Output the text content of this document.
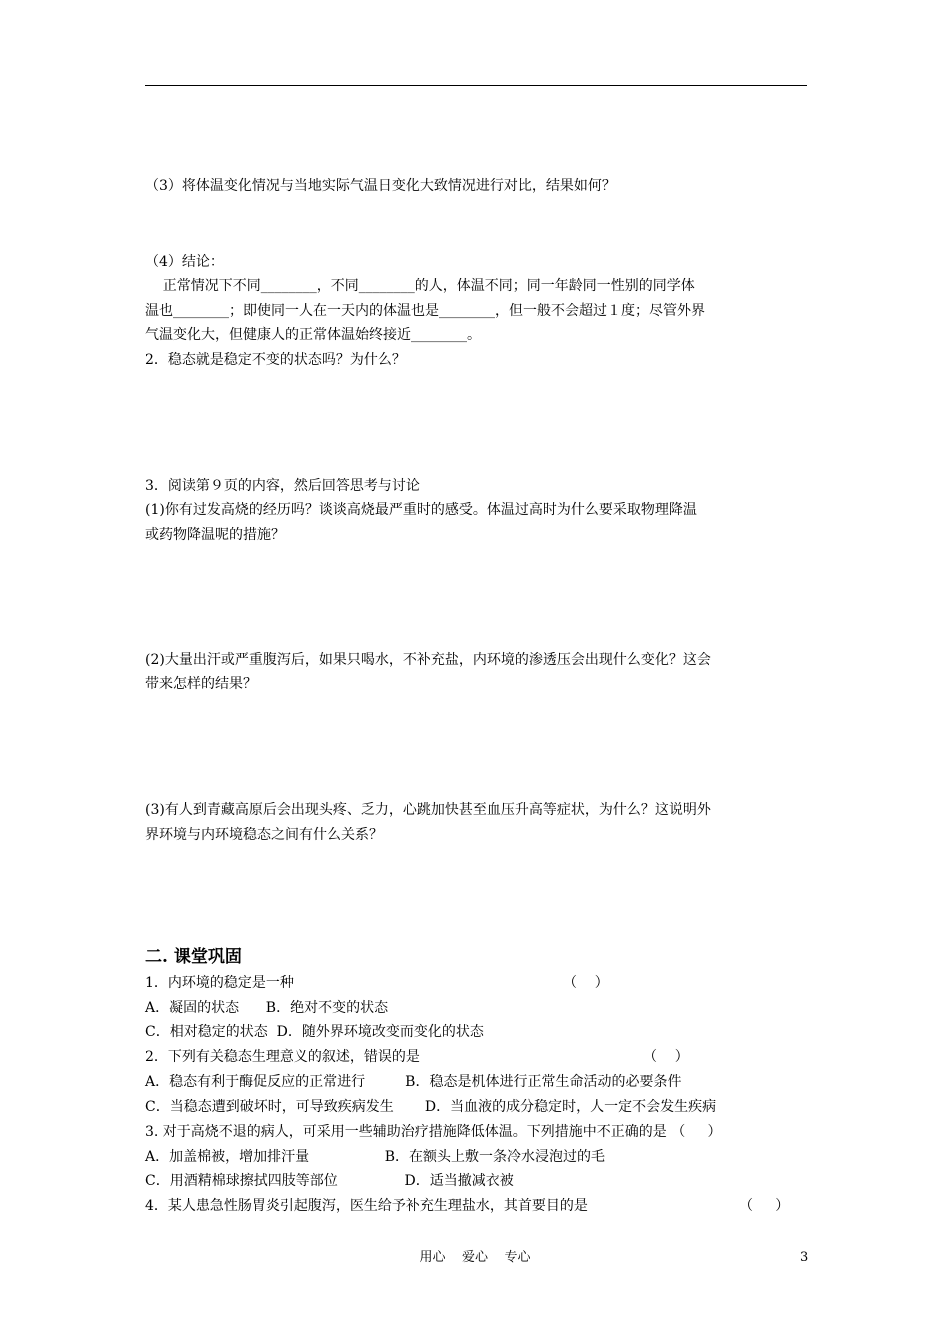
（3）将体温变化情况与当地实际气温日变化大致情况进行对比，结果如何？
（4）结论：
正常情况下不同________，不同________的人，体温不同；同一年龄同一性别的同学体
温也________；即使同一人在一天内的体温也是________，但一般不会超过１度；尽管外界
气温变化大，但健康人的正常体温始终接近________。
2．稳态就是稳定不变的状态吗？为什么？
3．阅读第９页的内容，然后回答思考与讨论
(1)你有过发高烧的经历吗？谈谈高烧最严重时的感受。体温过高时为什么要采取物理降温
或药物降温呢的措施？
(2)大量出汗或严重腹泻后，如果只喝水，不补充盐，内环境的渗透压会出现什么变化？这会
带来怎样的结果？
(3)有人到青藏高原后会出现头疼、乏力，心跳加快甚至血压升高等症状，为什么？这说明外
界环境与内环境稳态之间有什么关系？
二. 课堂巩固
1．内环境的稳定是一种	（    ）
A．凝固的状态      B．绝对不变的状态
C．相对稳定的状态  D．随外界环境改变而变化的状态
2．下列有关稳态生理意义的叙述，错误的是	（    ）
A．稳态有利于酶促反应的正常进行         B．稳态是机体进行正常生命活动的必要条件
C．当稳态遭到破坏时，可导致疾病发生       D．当血液的成分稳定时，人一定不会发生疾病
3. 对于高烧不退的病人，可采用一些辅助治疗措施降低体温。下列措施中不正确的是 （     ）
A．加盖棉被，增加排汗量                 B．在额头上敷一条冷水浸泡过的毛
C．用酒精棉球擦拭四肢等部位               D．适当撤减衣被
4．某人患急性肠胃炎引起腹泻，医生给予补充生理盐水，其首要目的是	（     ）
用心    爱心    专心	3
